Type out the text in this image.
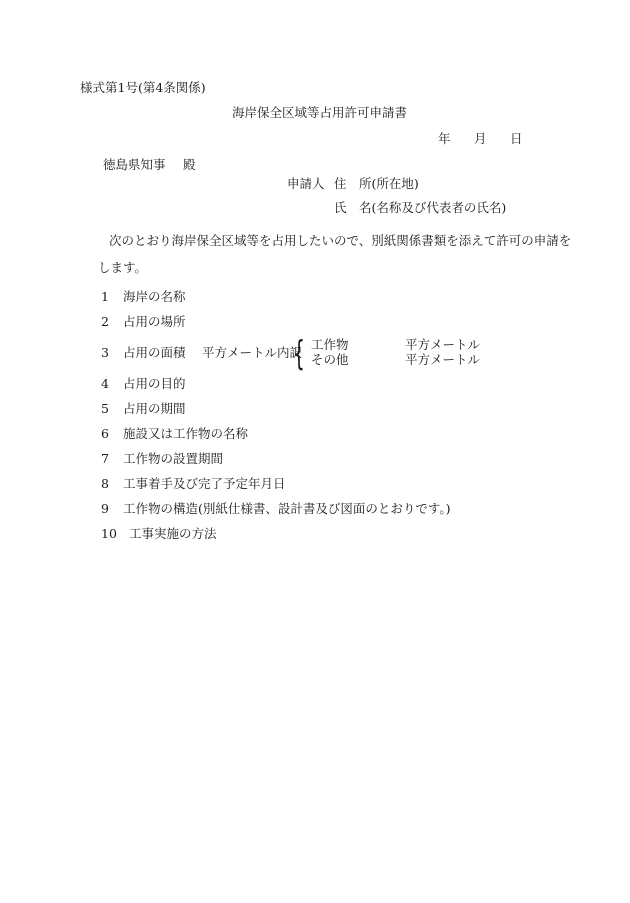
様式第1号(第4条関係)
海岸保全区域等占用許可申請書
年 月 日
徳島県知事 殿
申請人 住　所(所在地)
氏　名(名称及び代表者の氏名)
次のとおり海岸保全区域等を占用したいので、別紙関係書類を添えて許可の申請を
します。
1 海岸の名称
2 占用の場所
3 占用の面積 平方メートル内訳
{ 工作物	平方メートル
その他	平方メートル
4 占用の目的
5 占用の期間
6 施設又は工作物の名称
7 工作物の設置期間
8 工事着手及び完了予定年月日
9 工作物の構造(別紙仕様書、設計書及び図面のとおりです。)
10 工事実施の方法
